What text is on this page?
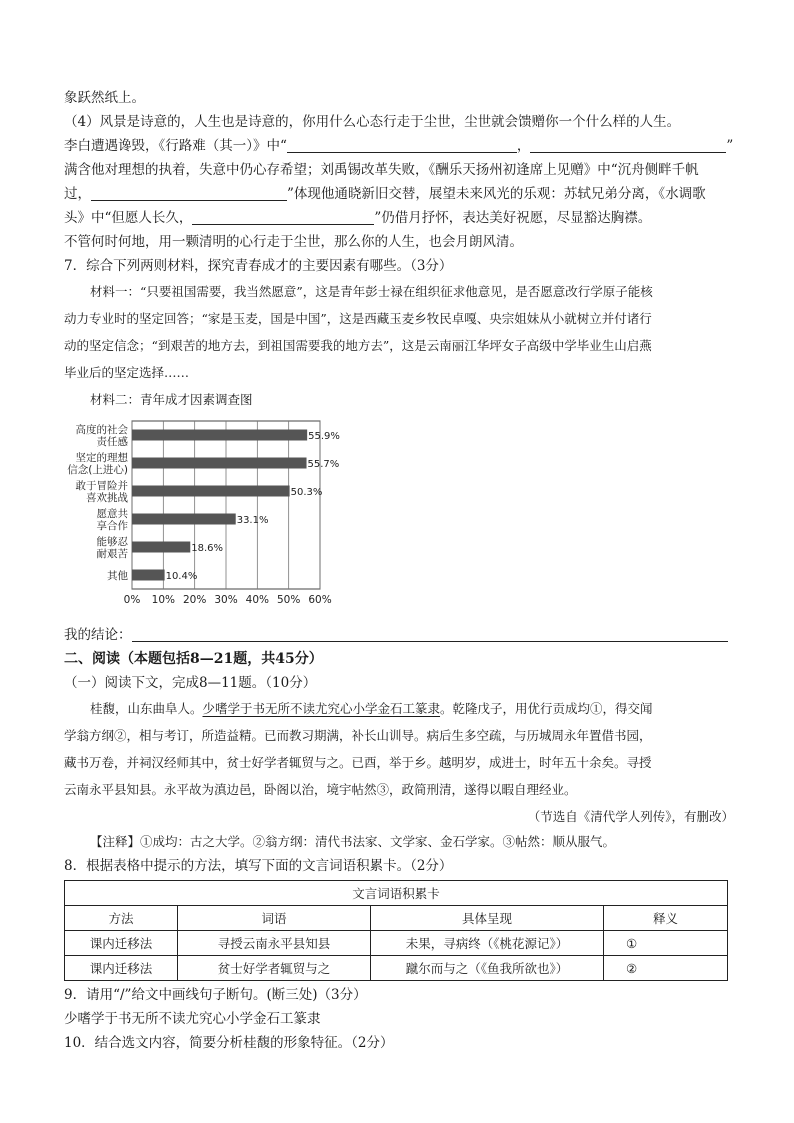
象跃然纸上。
（4）风景是诗意的，人生也是诗意的，你用什么心态行走于尘世，尘世就会馈赠你一个什么样的人生。
李白遭遇谗毁，《行路难（其一）》中“	，	”
满含他对理想的执着，失意中仍心存希望；刘禹锡改革失败，《酬乐天扬州初逢席上见赠》中“沉舟侧畔千帆
过，	”体现他通晓新旧交替，展望未来风光的乐观：苏轼兄弟分离，《水调歌
头》中“但愿人长久，	”仍借月抒怀，表达美好祝愿，尽显豁达胸襟。
不管何时何地，用一颗清明的心行走于尘世，那么你的人生，也会月朗风清。
7．综合下列两则材料，探究青春成才的主要因素有哪些。（3分）
材料一：“只要祖国需要，我当然愿意”，这是青年彭士禄在组织征求他意见，是否愿意改行学原子能核
动力专业时的坚定回答；“家是玉麦，国是中国”，这是西藏玉麦乡牧民卓嘎、央宗姐妹从小就树立并付诸行
动的坚定信念；“到艰苦的地方去，到祖国需要我的地方去”，这是云南丽江华坪女子高级中学毕业生山启燕
毕业后的坚定选择……
材料二：青年成才因素调查图
0% 10% 20% 30% 40% 50% 60%
55.9%
高度的社会
责任感
55.7%
坚定的理想
信念(上进心)
50.3%
敢于冒险并
喜欢挑战
33.1%
愿意共
享合作
18.6%
能够忍
耐艰苦
10.4%
其他
我的结论：
二、阅读（本题包括8—21题，共45分）
（一）阅读下文，完成8—11题。（10分）
桂馥，山东曲阜人。少嗜学于书无所不读尤究心小学金石工篆隶。乾隆戊子，用优行贡成均①，得交闻
学翁方纲②，相与考订，所造益精。已而教习期满，补长山训导。病后生多空疏，与历城周永年置借书园，
藏书万卷，并祠汉经师其中，贫士好学者辄贸与之。已酉，举于乡。越明岁，成进士，时年五十余矣。寻授
云南永平县知县。永平故为滇边邑，卧阁以治，境宇帖然③，政简刑清，遂得以暇自理经业。
（节选自《清代学人列传》，有删改）
【注释】①成均：古之大学。②翁方纲：清代书法家、文学家、金石学家。③帖然：顺从服气。
8．根据表格中提示的方法，填写下面的文言词语积累卡。（2分）
文言词语积累卡			
方法	词语	具体呈现	释义
课内迁移法	寻授云南永平县知县	未果，寻病终（《桃花源记》）	①
课内迁移法	贫士好学者辄贸与之	蹴尔而与之（《鱼我所欲也》）	②
9．请用“/”给文中画线句子断句。(断三处)（3分）
少嗜学于书无所不读尤究心小学金石工篆隶
10．结合选文内容，简要分析桂馥的形象特征。（2分）
